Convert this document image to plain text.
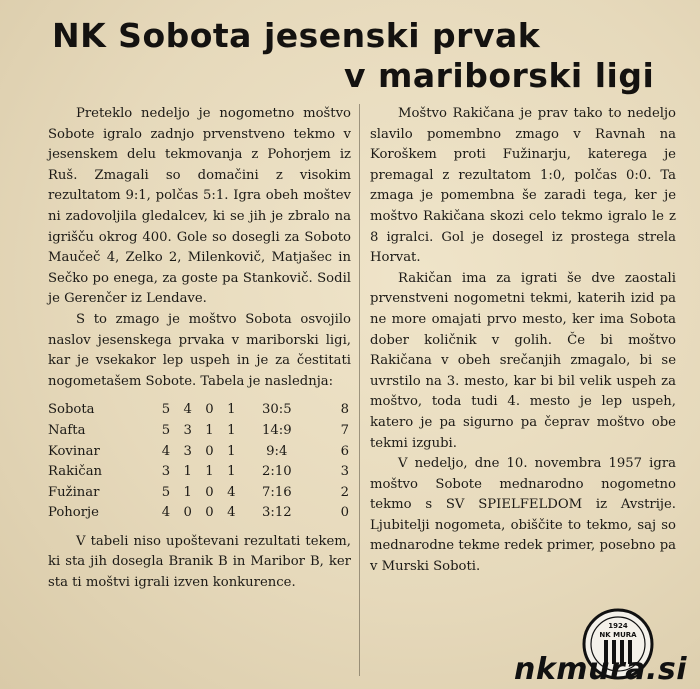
NK Sobota jesenski prvak
v mariborski ligi

Preteklo nedeljo je nogometno moštvo Sobote igralo zadnjo prvenstveno tekmo v jesenskem delu tekmovanja z Pohorjem iz Ruš. Zmagali so domačini z visokim rezultatom 9:1, polčas 5:1. Igra obeh moštev ni zadovoljila gledalcev, ki se jih je zbralo na igrišču okrog 400. Gole so dosegli za Soboto Maučeč 4, Zelko 2, Milenkovič, Matjašec in Sečko po enega, za goste pa Stankovič. Sodil je Gerenčer iz Lendave.

S to zmago je moštvo Sobota osvojilo naslov jesenskega prvaka v mariborski ligi, kar je vsekakor lep uspeh in je za čestitati nogometašem Sobote. Tabela je naslednja:

Sobota	5	4	0	1	30:5	8
Nafta	5	3	1	1	14:9	7
Kovinar	4	3	0	1	9:4	6
Rakičan	3	1	1	1	2:10	3
Fužinar	5	1	0	4	7:16	2
Pohorje	4	0	0	4	3:12	0

V tabeli niso upoštevani rezultati tekem, ki sta jih dosegla Branik B in Maribor B, ker sta ti moštvi igrali izven konkurence.

Moštvo Rakičana je prav tako to nedeljo slavilo pomembno zmago v Ravnah na Koroškem proti Fužinarju, katerega je premagal z rezultatom 1:0, polčas 0:0. Ta zmaga je pomembna še zaradi tega, ker je moštvo Rakičana skozi celo tekmo igralo le z 8 igralci. Gol je dosegel iz prostega strela Horvat.

Rakičan ima za igrati še dve zaostali prvenstveni nogometni tekmi, katerih izid pa ne more omajati prvo mesto, ker ima Sobota dober količnik v golih. Če bi moštvo Rakičana v obeh srečanjih zmagalo, bi se uvrstilo na 3. mesto, kar bi bil velik uspeh za moštvo, toda tudi 4. mesto je lep uspeh, katero je pa sigurno pa čeprav moštvo obe tekmi izgubi.

V nedeljo, dne 10. novembra 1957 igra moštvo Sobote mednarodno nogometno tekmo s SV SPIELFELDOM iz Avstrije. Ljubitelji nogometa, obiščite to tekmo, saj so mednarodne tekme redek primer, posebno pa v Murski Soboti.

1924
NK MURA
nkmura.si
